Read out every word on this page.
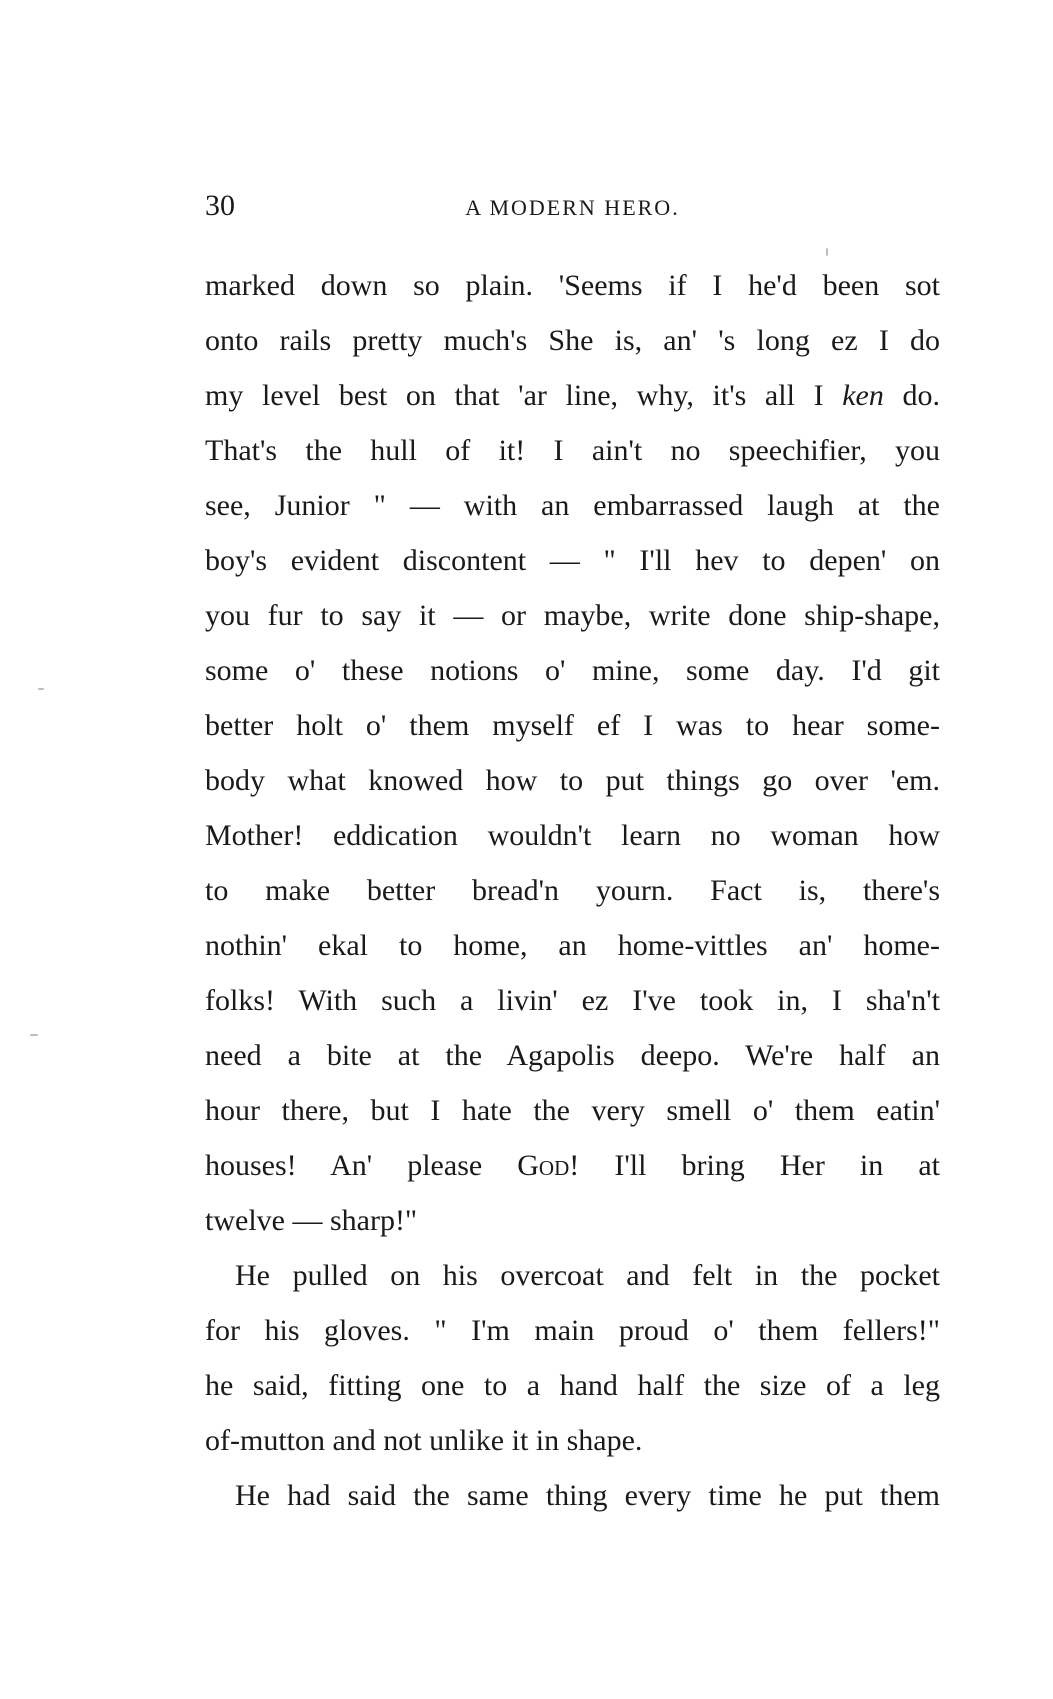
30	A MODERN HERO.
marked down so plain. 'Seems if I he'd been sot
onto rails pretty much's She is, an' 's long ez I do
my level best on that 'ar line, why, it's all I ken do.
That's the hull of it! I ain't no speechifier, you
see, Junior " — with an embarrassed laugh at the
boy's evident discontent — " I'll hev to depen' on
you fur to say it — or maybe, write done ship-shape,
some o' these notions o' mine, some day. I'd git
better holt o' them myself ef I was to hear some-
body what knowed how to put things go over 'em.
Mother! eddication wouldn't learn no woman how
to make better bread'n yourn. Fact is, there's
nothin' ekal to home, an home-vittles an' home-
folks! With such a livin' ez I've took in, I sha'n't
need a bite at the Agapolis deepo. We're half an
hour there, but I hate the very smell o' them eatin'
houses! An' please God! I'll bring Her in at
twelve — sharp!"
He pulled on his overcoat and felt in the pocket
for his gloves. " I'm main proud o' them fellers!"
he said, fitting one to a hand half the size of a leg
of-mutton and not unlike it in shape.
He had said the same thing every time he put them
